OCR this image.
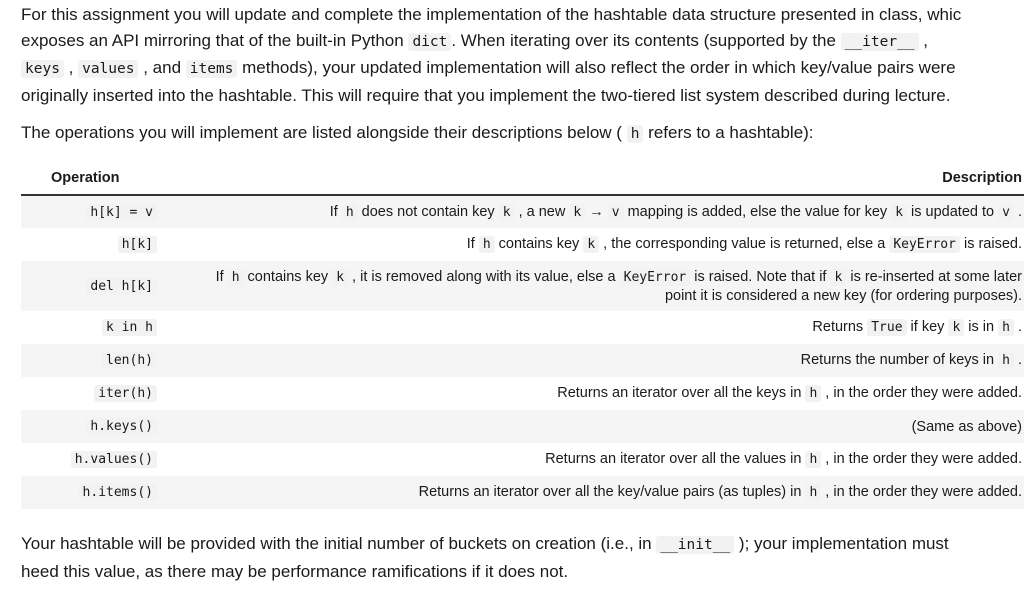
For this assignment you will update and complete the implementation of the hashtable data structure presented in class, whic
exposes an API mirroring that of the built-in Python dict . When iterating over its contents (supported by the __iter__ ,
keys , values , and items methods), your updated implementation will also reflect the order in which key/value pairs were
originally inserted into the hashtable. This will require that you implement the two-tiered list system described during lecture.
The operations you will implement are listed alongside their descriptions below ( h refers to a hashtable):
Operation	Description
h[k] = v	If h does not contain key k , a new k → v mapping is added, else the value for key k is updated to v .
h[k]	If h contains key k , the corresponding value is returned, else a KeyError is raised.
del h[k]	If h contains key k , it is removed along with its value, else a KeyError is raised. Note that if k is re-inserted at some later
point it is considered a new key (for ordering purposes).
k in h	Returns True if key k is in h .
len(h)	Returns the number of keys in h .
iter(h)	Returns an iterator over all the keys in h , in the order they were added.
h.keys()	(Same as above)
h.values()	Returns an iterator over all the values in h , in the order they were added.
h.items()	Returns an iterator over all the key/value pairs (as tuples) in h , in the order they were added.
Your hashtable will be provided with the initial number of buckets on creation (i.e., in __init__ ); your implementation must
heed this value, as there may be performance ramifications if it does not.
